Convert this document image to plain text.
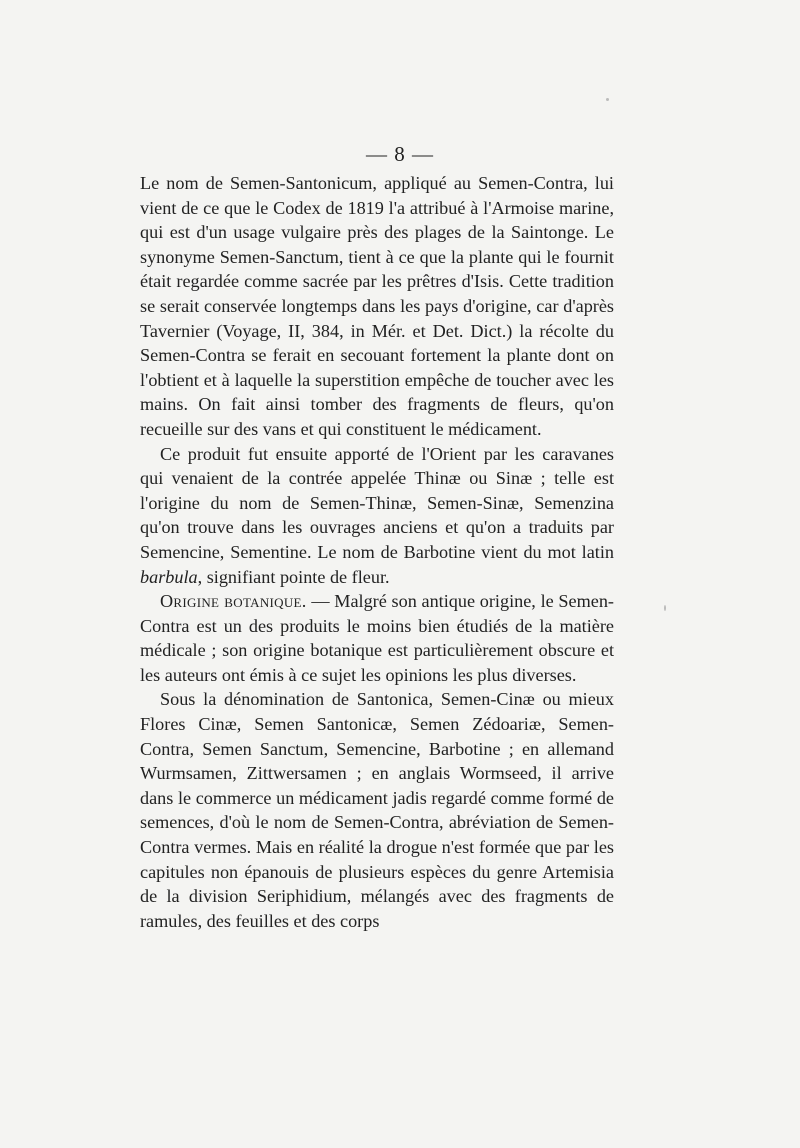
— 8 —

Le nom de Semen-Santonicum, appliqué au Semen-Contra, lui vient de ce que le Codex de 1819 l'a attribué à l'Armoise marine, qui est d'un usage vulgaire près des plages de la Saintonge. Le synonyme Semen-Sanctum, tient à ce que la plante qui le fournit était regardée comme sacrée par les prêtres d'Isis. Cette tradition se serait conservée longtemps dans les pays d'origine, car d'après Tavernier (Voyage, II, 384, in Mér. et Det. Dict.) la récolte du Semen-Contra se ferait en secouant fortement la plante dont on l'obtient et à laquelle la superstition empêche de toucher avec les mains. On fait ainsi tomber des fragments de fleurs, qu'on recueille sur des vans et qui constituent le médicament.

Ce produit fut ensuite apporté de l'Orient par les caravanes qui venaient de la contrée appelée Thinæ ou Sinæ ; telle est l'origine du nom de Semen-Thinæ, Semen-Sinæ, Semenzina qu'on trouve dans les ouvrages anciens et qu'on a traduits par Semencine, Sementine. Le nom de Barbotine vient du mot latin barbula, signifiant pointe de fleur.

Origine botanique. — Malgré son antique origine, le Semen-Contra est un des produits le moins bien étudiés de la matière médicale ; son origine botanique est particulièrement obscure et les auteurs ont émis à ce sujet les opinions les plus diverses.

Sous la dénomination de Santonica, Semen-Cinæ ou mieux Flores Cinæ, Semen Santonicæ, Semen Zédoariæ, Semen-Contra, Semen Sanctum, Semencine, Barbotine ; en allemand Wurmsamen, Zittwersamen ; en anglais Wormseed, il arrive dans le commerce un médicament jadis regardé comme formé de semences, d'où le nom de Semen-Contra, abréviation de Semen-Contra vermes. Mais en réalité la drogue n'est formée que par les capitules non épanouis de plusieurs espèces du genre Artemisia de la division Seriphidium, mélangés avec des fragments de ramules, des feuilles et des corps
